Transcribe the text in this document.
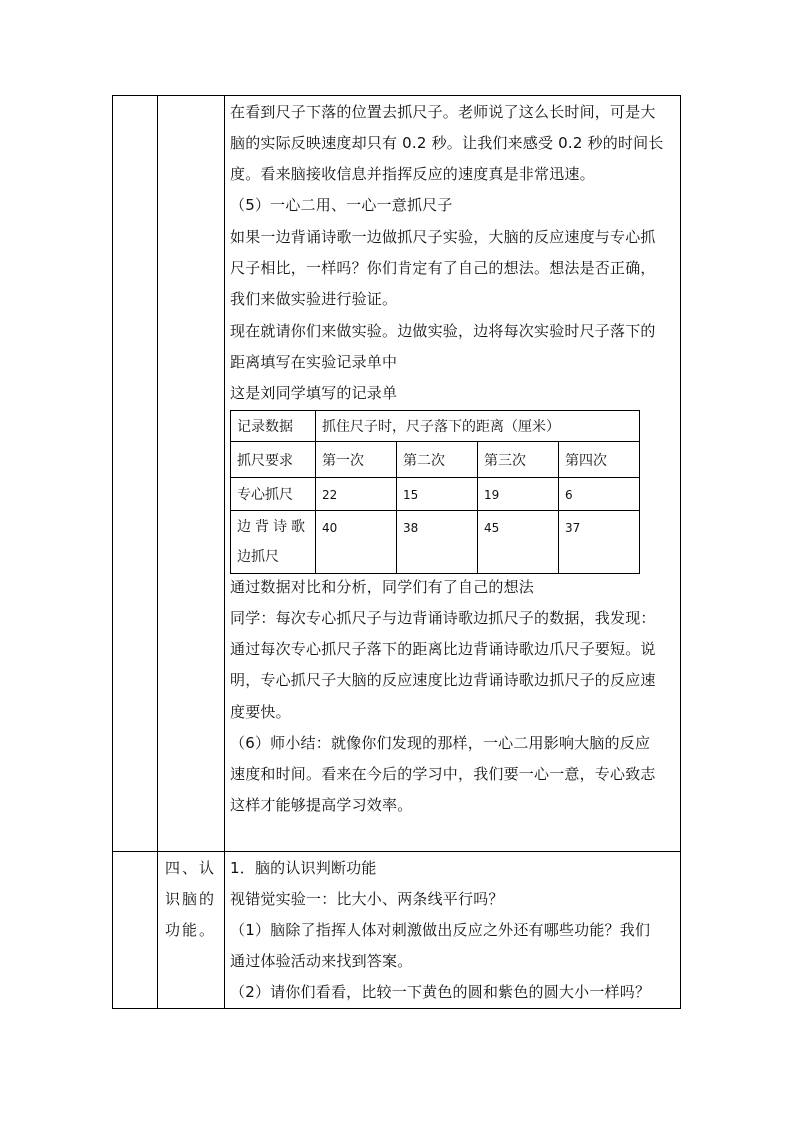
在看到尺子下落的位置去抓尺子。老师说了这么长时间，可是大
脑的实际反映速度却只有 0.2 秒。让我们来感受 0.2 秒的时间长
度。看来脑接收信息并指挥反应的速度真是非常迅速。
（5）一心二用、一心一意抓尺子
如果一边背诵诗歌一边做抓尺子实验，大脑的反应速度与专心抓
尺子相比，一样吗？你们肯定有了自己的想法。想法是否正确，
我们来做实验进行验证。
现在就请你们来做实验。边做实验，边将每次实验时尺子落下的
距离填写在实验记录单中
这是刘同学填写的记录单
记录数据	抓住尺子时，尺子落下的距离（厘米）			
抓尺要求	第一次	第二次	第三次	第四次
专心抓尺	22	15	19	6

边背诗歌
边抓尺	40	38	45	37
通过数据对比和分析，同学们有了自己的想法
同学：每次专心抓尺子与边背诵诗歌边抓尺子的数据，我发现：
通过每次专心抓尺子落下的距离比边背诵诗歌边爪尺子要短。说
明，专心抓尺子大脑的反应速度比边背诵诗歌边抓尺子的反应速
度要快。
（6）师小结：就像你们发现的那样，一心二用影响大脑的反应
速度和时间。看来在今后的学习中，我们要一心一意，专心致志
这样才能够提高学习效率。
四、认
识脑的
功能。
1．脑的认识判断功能
视错觉实验一：比大小、两条线平行吗？
（1）脑除了指挥人体对刺激做出反应之外还有哪些功能？我们
通过体验活动来找到答案。
（2）请你们看看，比较一下黄色的圆和紫色的圆大小一样吗？
